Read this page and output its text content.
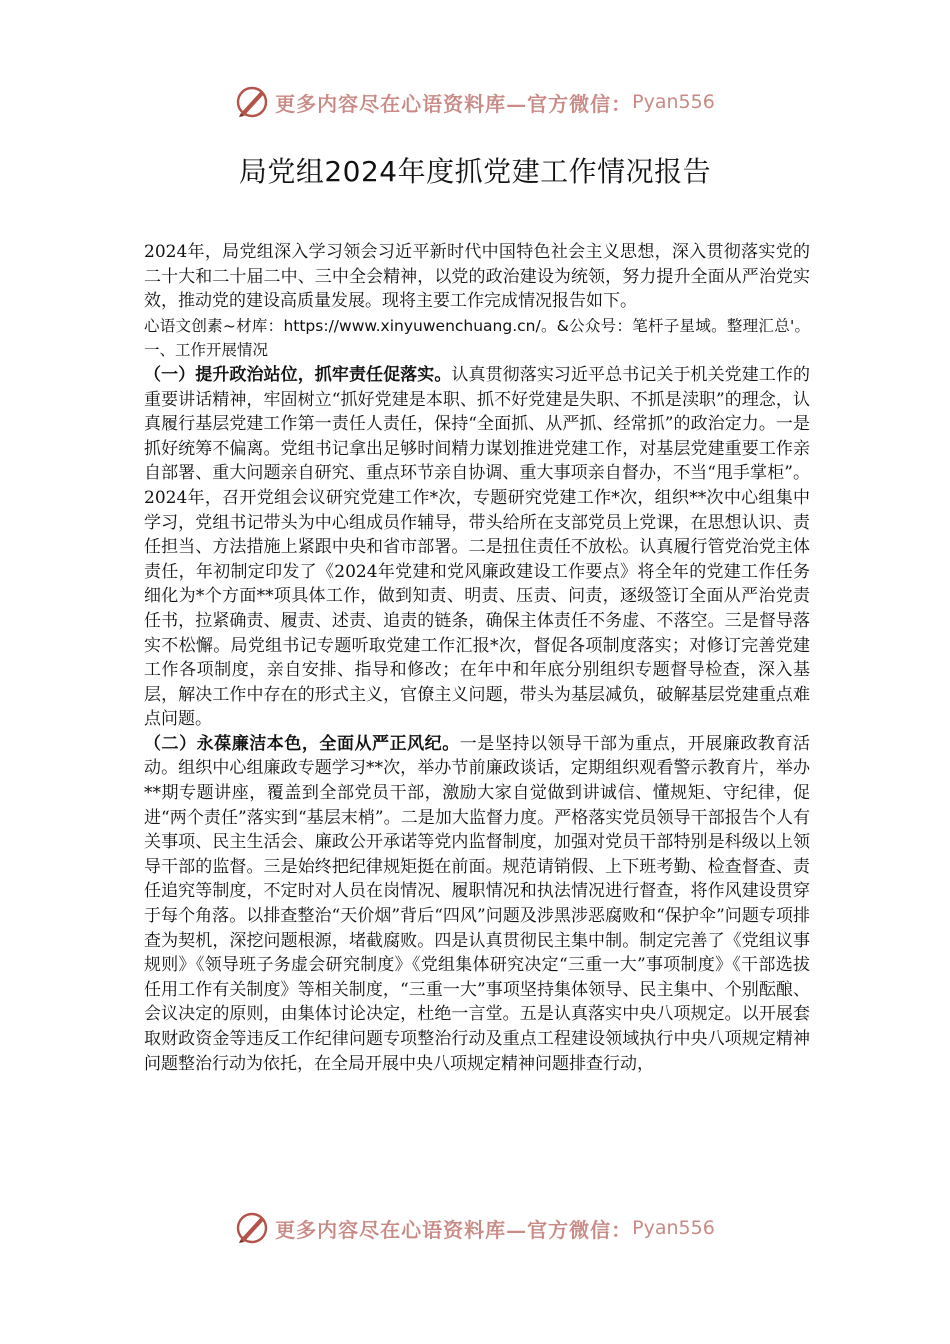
更多内容尽在心语资料库—官方微信： Pyan556
局党组2024年度抓党建工作情况报告

2024年，局党组深入学习领会习近平新时代中国特色社会主义思想，深入贯彻落实党的二十大和二十届二中、三中全会精神，以党的政治建设为统领，努力提升全面从严治党实效，推动党的建设高质量发展。现将主要工作完成情况报告如下。

心语文创素~材库：https://www.xinyuwenchuang.cn/。&公众号：笔杆子星域。整理汇总'。一、工作开展情况

（一）提升政治站位，抓牢责任促落实。认真贯彻落实习近平总书记关于机关党建工作的重要讲话精神，牢固树立“抓好党建是本职、抓不好党建是失职、不抓是渎职”的理念，认真履行基层党建工作第一责任人责任，保持“全面抓、从严抓、经常抓”的政治定力。一是抓好统筹不偏离。党组书记拿出足够时间精力谋划推进党建工作，对基层党建重要工作亲自部署、重大问题亲自研究、重点环节亲自协调、重大事项亲自督办，不当“甩手掌柜”。2024年，召开党组会议研究党建工作*次，专题研究党建工作*次，组织**次中心组集中学习，党组书记带头为中心组成员作辅导，带头给所在支部党员上党课，在思想认识、责任担当、方法措施上紧跟中央和省市部署。二是扭住责任不放松。认真履行管党治党主体责任，年初制定印发了《2024年党建和党风廉政建设工作要点》将全年的党建工作任务细化为*个方面**项具体工作，做到知责、明责、压责、问责，逐级签订全面从严治党责任书，拉紧确责、履责、述责、追责的链条，确保主体责任不务虚、不落空。三是督导落实不松懈。局党组书记专题听取党建工作汇报*次，督促各项制度落实；对修订完善党建工作各项制度，亲自安排、指导和修改；在年中和年底分别组织专题督导检查，深入基层，解决工作中存在的形式主义，官僚主义问题，带头为基层减负，破解基层党建重点难点问题。

（二）永葆廉洁本色，全面从严正风纪。一是坚持以领导干部为重点，开展廉政教育活动。组织中心组廉政专题学习**次，举办节前廉政谈话，定期组织观看警示教育片，举办**期专题讲座，覆盖到全部党员干部，激励大家自觉做到讲诚信、懂规矩、守纪律，促进“两个责任”落实到“基层末梢”。二是加大监督力度。严格落实党员领导干部报告个人有关事项、民主生活会、廉政公开承诺等党内监督制度，加强对党员干部特别是科级以上领导干部的监督。三是始终把纪律规矩挺在前面。规范请销假、上下班考勤、检查督查、责任追究等制度，不定时对人员在岗情况、履职情况和执法情况进行督查，将作风建设贯穿于每个角落。以排查整治“天价烟”背后“四风”问题及涉黑涉恶腐败和“保护伞”问题专项排查为契机，深挖问题根源，堵截腐败。四是认真贯彻民主集中制。制定完善了《党组议事规则》《领导班子务虚会研究制度》《党组集体研究决定“三重一大”事项制度》《干部选拔任用工作有关制度》等相关制度，“三重一大”事项坚持集体领导、民主集中、个别酝酿、会议决定的原则，由集体讨论决定，杜绝一言堂。五是认真落实中央八项规定。以开展套取财政资金等违反工作纪律问题专项整治行动及重点工程建设领域执行中央八项规定精神问题整治行动为依托，在全局开展中央八项规定精神问题排查行动，

更多内容尽在心语资料库—官方微信： Pyan556
